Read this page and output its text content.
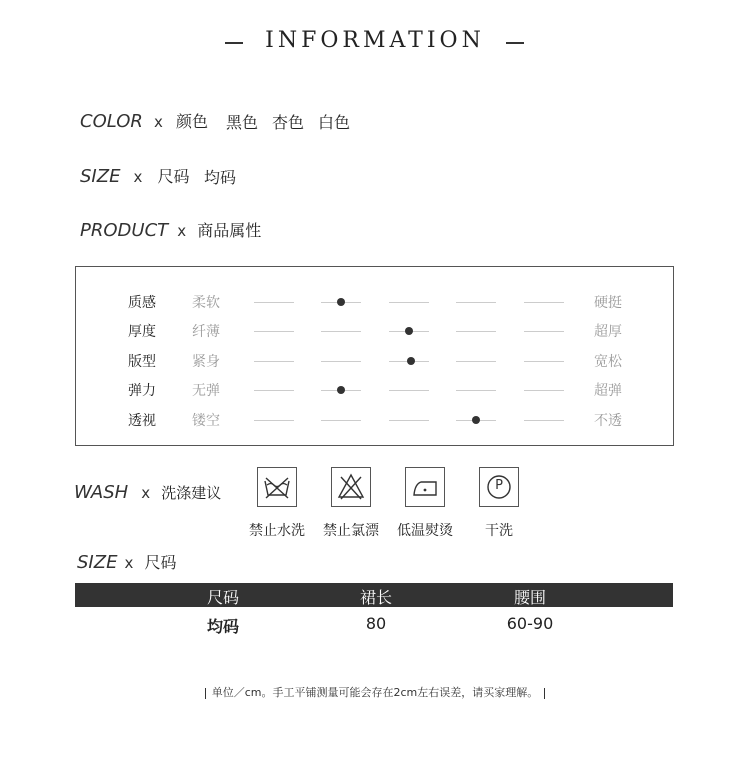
INFORMATION
COLOR x 颜色 黑色 杏色 白色
SIZE x 尺码 均码
PRODUCT x 商品属性
质感	柔软	硬挺
厚度	纤薄	超厚
版型	紧身	宽松
弹力	无弹	超弹
透视	镂空	不透
WASH x 洗涤建议
禁止水洗	禁止氯漂	低温熨烫
P
干洗
SIZE x 尺码
尺码	裙长	腰围
均码	80	60-90
单位／cm。手工平铺测量可能会存在2cm左右误差，请买家理解。
